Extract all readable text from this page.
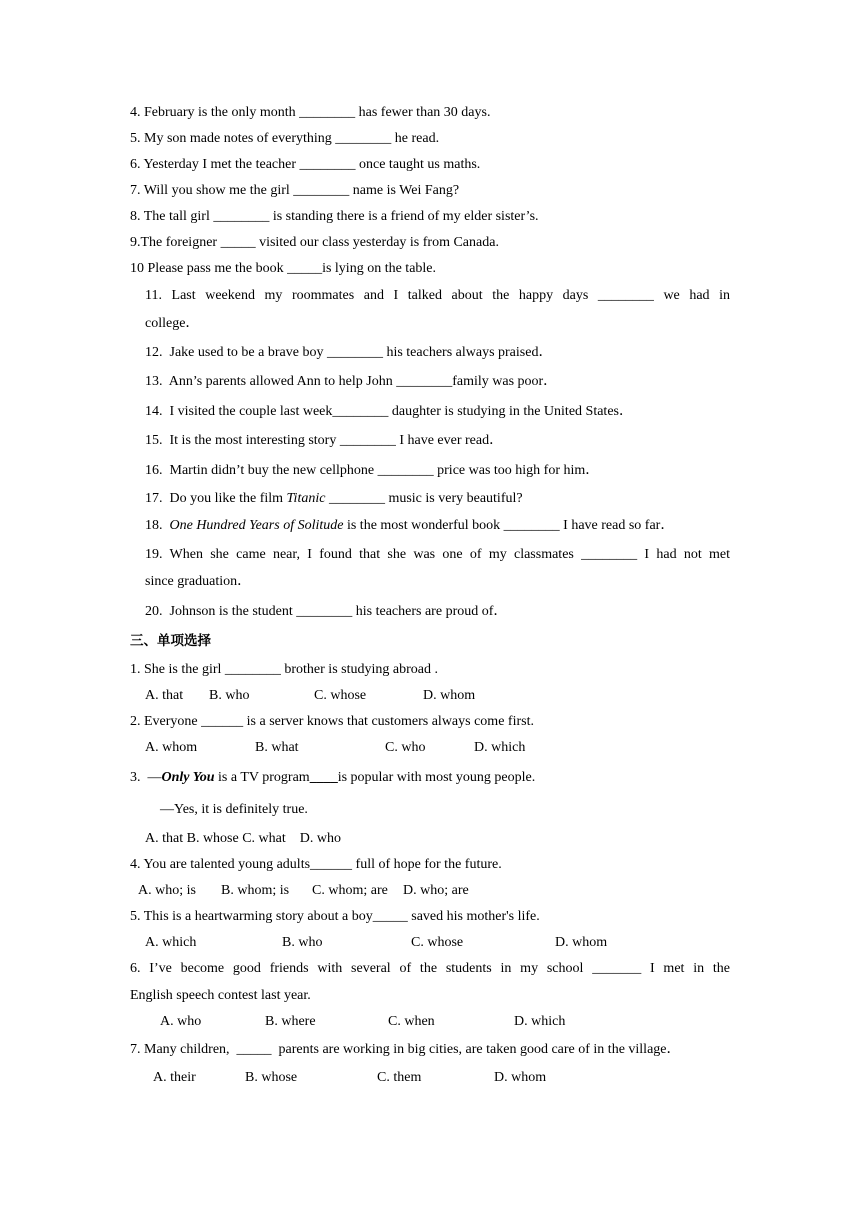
4. February is the only month ________ has fewer than 30 days.
5. My son made notes of everything ________ he read.
6. Yesterday I met the teacher ________ once taught us maths.
7. Will you show me the girl ________ name is Wei Fang?
8. The tall girl ________ is standing there is a friend of my elder sister’s.
9.The foreigner _____ visited our class yesterday is from Canada.
10 Please pass me the book _____is lying on the table.
11. Last weekend my roommates and I talked about the happy days ________ we had in
college．
12.  Jake used to be a brave boy ________ his teachers always praised．
13.  Ann’s parents allowed Ann to help John ________family was poor．
14.  I visited the couple last week________ daughter is studying in the United States．
15.  It is the most interesting story ________ I have ever read．
16.  Martin didn’t buy the new cellphone ________ price was too high for him．
17.  Do you like the film Titanic ________ music is very beautiful?
18.  One Hundred Years of Solitude is the most wonderful book ________ I have read so far．
19. When she came near, I found that she was one of my classmates ________ I had not met
since graduation．
20.  Johnson is the student ________ his teachers are proud of．
三、单项选择
1. She is the girl ________ brother is studying abroad .
A. that B. who	C. whose	D. whom
2. Everyone ______ is a server knows that customers always come first.
A. whom	B. what	C. who	D. which
3.  —Only You is a TV program____is popular with most young people.
—Yes, it is definitely true.
A. that B. whose C. what    D. who
4. You are talented young adults______ full of hope for the future.
A. who; is B. whom; is C. whom; are D. who; are
5. This is a heartwarming story about a boy_____ saved his mother's life.
A. which	B. who	C. whose	D. whom
6. I’ve become good friends with several of the students in my school _______ I met in the
English speech contest last year.
A. who	B. where	C. when	D. which
7. Many children,  _____  parents are working in big cities, are taken good care of in the village．
A. their	B. whose	C. them	D. whom
